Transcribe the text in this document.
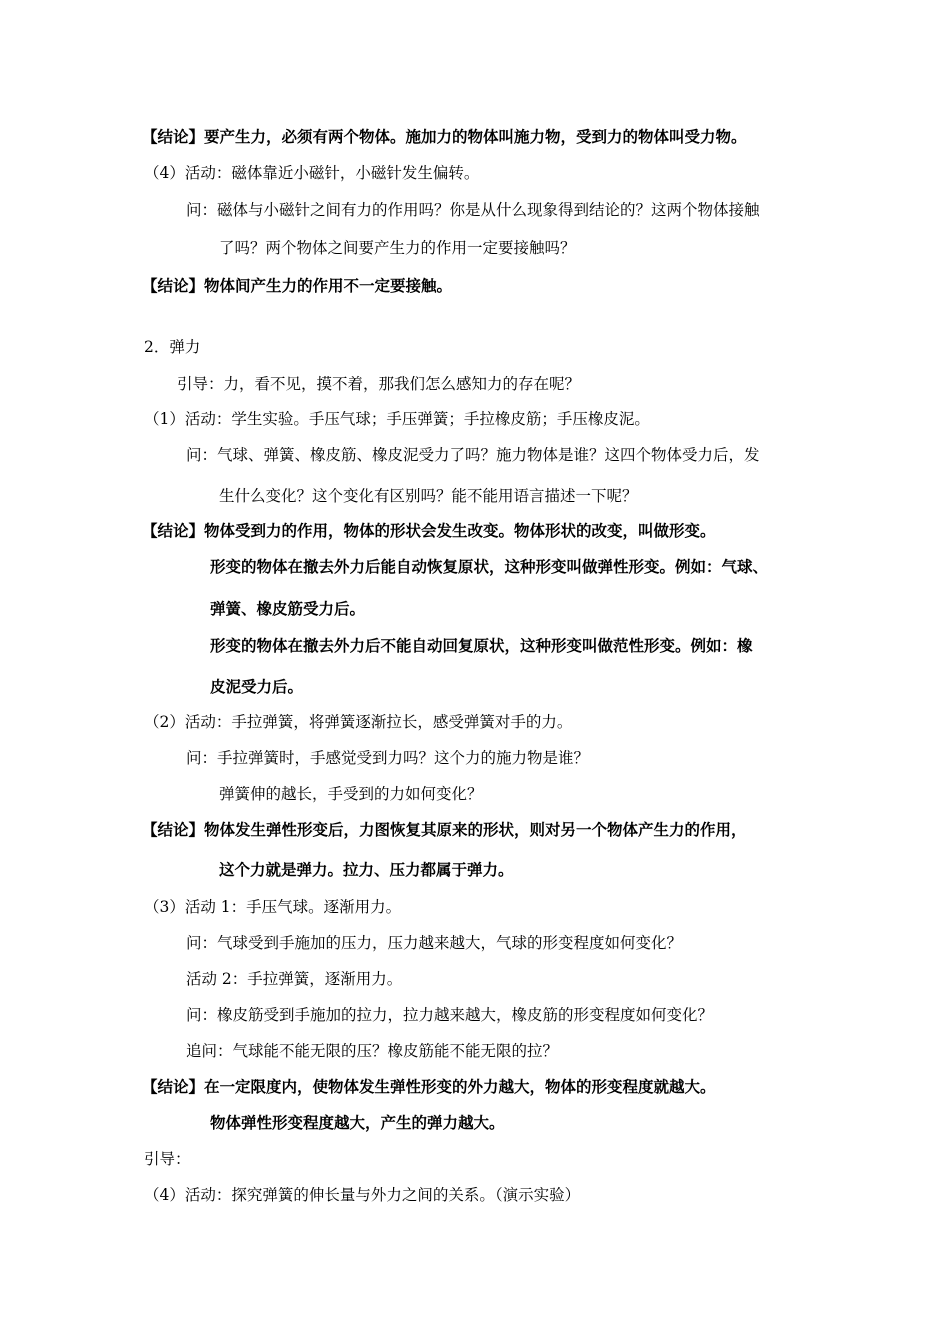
【结论】要产生力，必须有两个物体。施加力的物体叫施力物，受到力的物体叫受力物。
（4）活动：磁体靠近小磁针，小磁针发生偏转。
问：磁体与小磁针之间有力的作用吗？你是从什么现象得到结论的？这两个物体接触
了吗？两个物体之间要产生力的作用一定要接触吗？
【结论】物体间产生力的作用不一定要接触。
2．弹力
引导：力，看不见，摸不着，那我们怎么感知力的存在呢？
（1）活动：学生实验。手压气球；手压弹簧；手拉橡皮筋；手压橡皮泥。
问：气球、弹簧、橡皮筋、橡皮泥受力了吗？施力物体是谁？这四个物体受力后，发
生什么变化？这个变化有区别吗？能不能用语言描述一下呢？
【结论】物体受到力的作用，物体的形状会发生改变。物体形状的改变，叫做形变。
形变的物体在撤去外力后能自动恢复原状，这种形变叫做弹性形变。例如：气球、
弹簧、橡皮筋受力后。
形变的物体在撤去外力后不能自动回复原状，这种形变叫做范性形变。例如：橡
皮泥受力后。
（2）活动：手拉弹簧，将弹簧逐渐拉长，感受弹簧对手的力。
问：手拉弹簧时，手感觉受到力吗？这个力的施力物是谁？
弹簧伸的越长，手受到的力如何变化？
【结论】物体发生弹性形变后，力图恢复其原来的形状，则对另一个物体产生力的作用，
这个力就是弹力。拉力、压力都属于弹力。
（3）活动 1：手压气球。逐渐用力。
问：气球受到手施加的压力，压力越来越大，气球的形变程度如何变化？
活动 2：手拉弹簧，逐渐用力。
问：橡皮筋受到手施加的拉力，拉力越来越大，橡皮筋的形变程度如何变化？
追问：气球能不能无限的压？橡皮筋能不能无限的拉？
【结论】在一定限度内，使物体发生弹性形变的外力越大，物体的形变程度就越大。
物体弹性形变程度越大，产生的弹力越大。
引导：
（4）活动：探究弹簧的伸长量与外力之间的关系。（演示实验）
